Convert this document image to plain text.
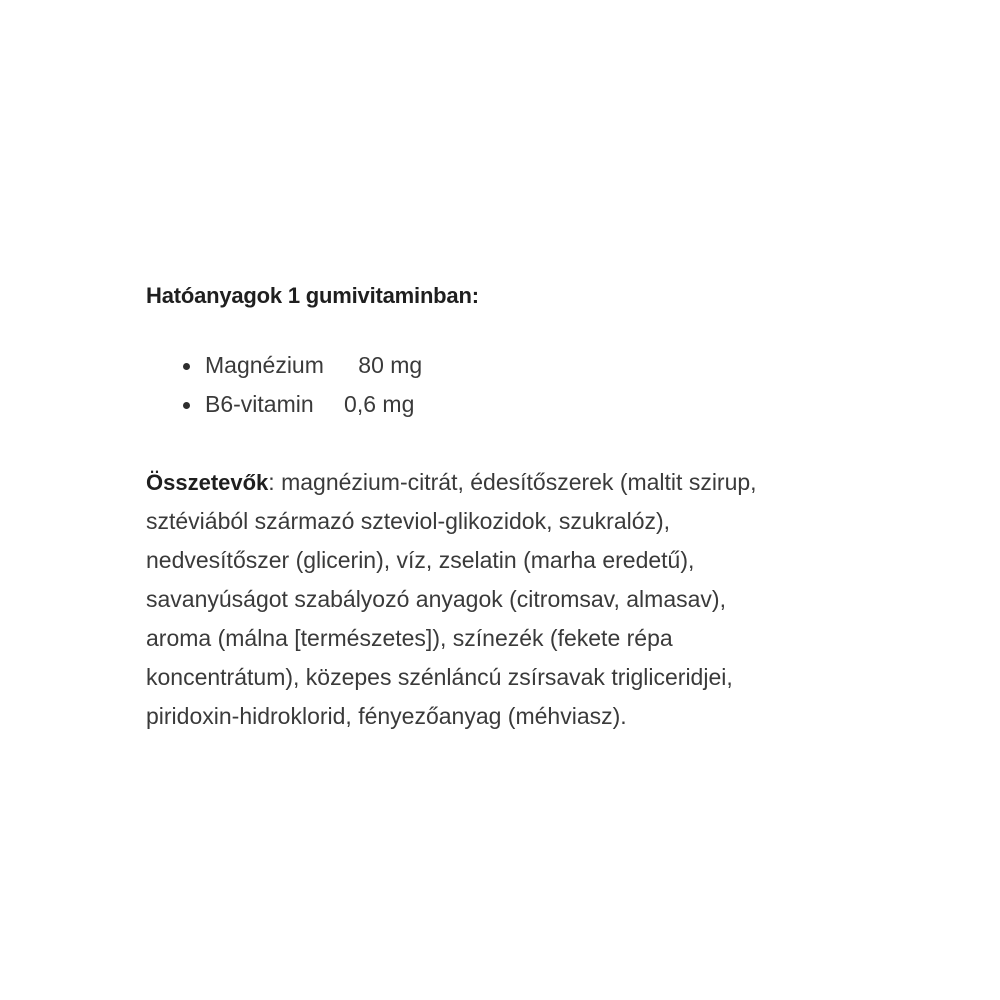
Hatóanyagok 1 gumivitaminban:
Magnézium 80 mg
B6-vitamin 0,6 mg

Összetevők: magnézium-citrát, édesítőszerek (maltit szirup,
sztéviából származó szteviol-glikozidok, szukralóz),
nedvesítőszer (glicerin), víz, zselatin (marha eredetű),
savanyúságot szabályozó anyagok (citromsav, almasav),
aroma (málna [természetes]), színezék (fekete répa
koncentrátum), közepes szénláncú zsírsavak trigliceridjei,
piridoxin-hidroklorid, fényezőanyag (méhviasz).
